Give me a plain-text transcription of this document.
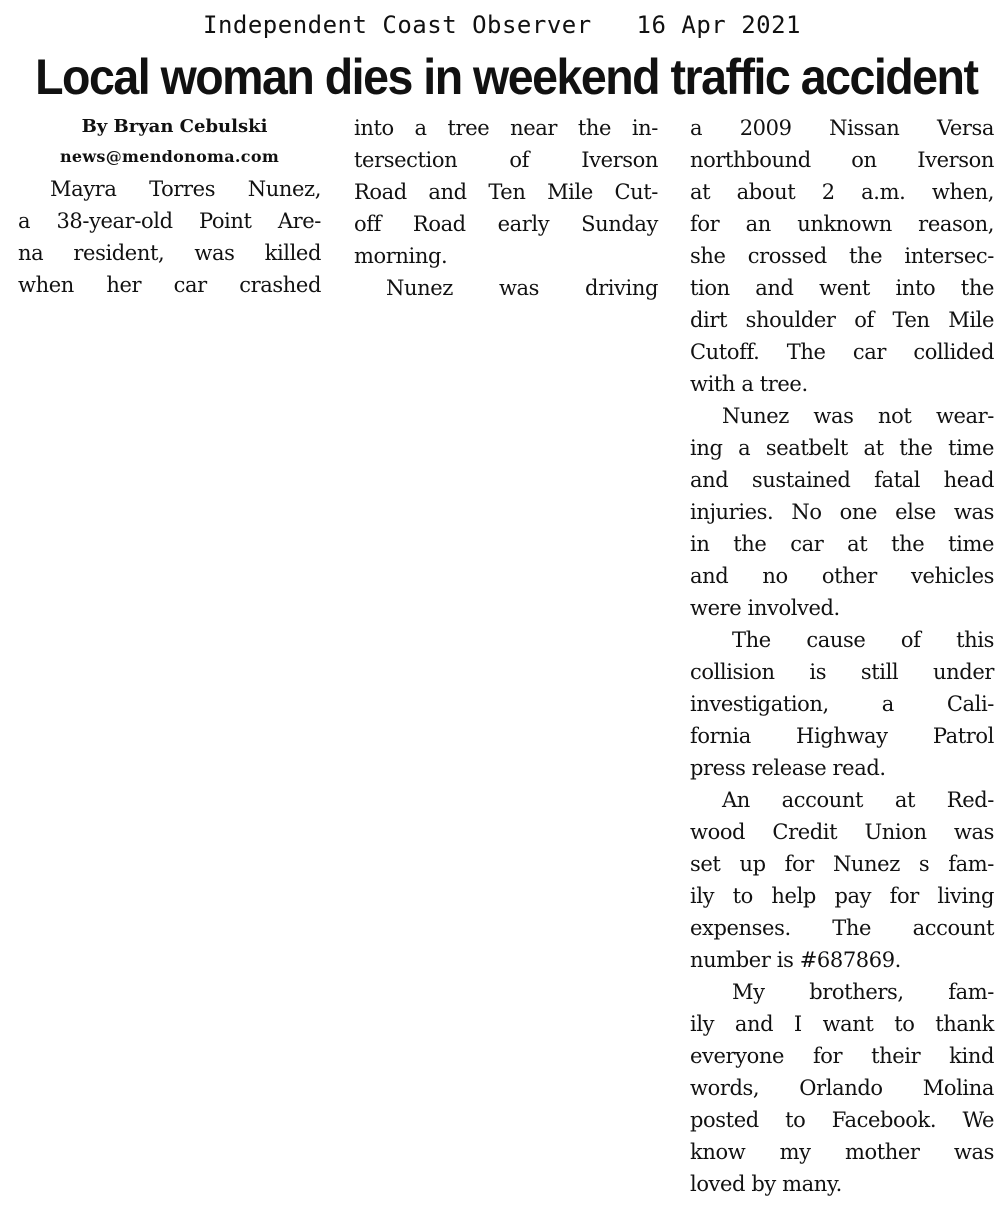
Independent Coast Observer 16 Apr 2021
Local woman dies in weekend traffic accident
By Bryan Cebulski
news@mendonoma.com
Mayra Torres Nunez,
a 38-year-old Point Are-
na resident, was killed
when her car crashed
into a tree near the in-
tersection of Iverson
Road and Ten Mile Cut-
off Road early Sunday
morning.
Nunez was driving
a 2009 Nissan Versa
northbound on Iverson
at about 2 a.m. when,
for an unknown reason,
she crossed the intersec-
tion and went into the
dirt shoulder of Ten Mile
Cutoff. The car collided
with a tree.
Nunez was not wear-
ing a seatbelt at the time
and sustained fatal head
injuries. No one else was
in the car at the time
and no other vehicles
were involved.
The cause of this
collision is still under
investigation, a Cali-
fornia Highway Patrol
press release read.
An account at Red-
wood Credit Union was
set up for Nunez s fam-
ily to help pay for living
expenses. The account
number is #687869.
My brothers, fam-
ily and I want to thank
everyone for their kind
words, Orlando Molina
posted to Facebook. We
know my mother was
loved by many.
